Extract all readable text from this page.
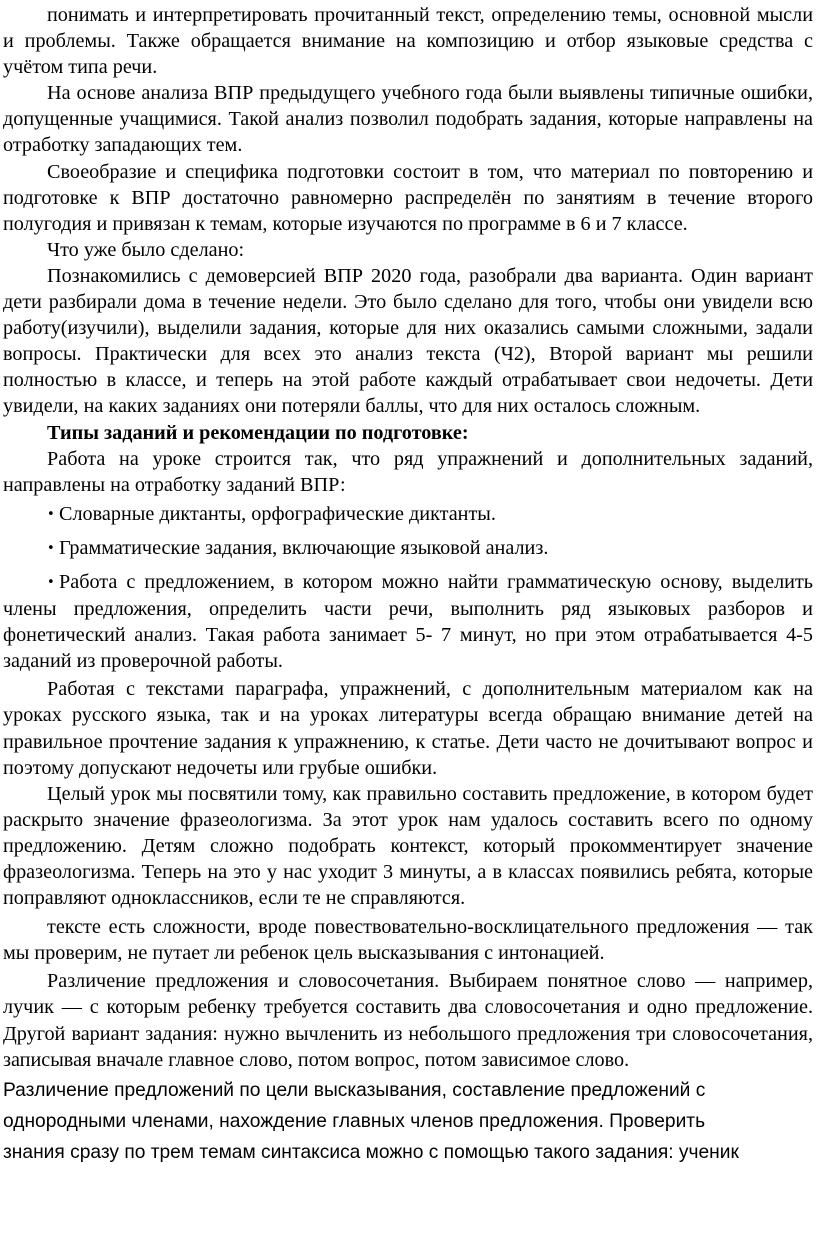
понимать и интерпретировать прочитанный текст, определению темы, основной мысли и проблемы. Также обращается внимание на композицию и отбор языковые средства с учётом типа речи.

На основе анализа ВПР предыдущего учебного года были выявлены типичные ошибки, допущенные учащимися. Такой анализ позволил подобрать задания, которые направлены на отработку западающих тем.

Своеобразие и специфика подготовки состоит в том, что материал по повторению и подготовке к ВПР достаточно равномерно распределён по занятиям в течение второго полугодия и привязан к темам, которые изучаются по программе в 6 и 7 классе.

Что уже было сделано:

Познакомились с демоверсией ВПР 2020 года, разобрали два варианта. Один вариант дети разбирали дома в течение недели. Это было сделано для того, чтобы они увидели всю работу(изучили), выделили задания, которые для них оказались самыми сложными, задали вопросы. Практически для всех это анализ текста (Ч2), Второй вариант мы решили полностью в классе, и теперь на этой работе каждый отрабатывает свои недочеты. Дети увидели, на каких заданиях они потеряли баллы, что для них осталось сложным.

Типы заданий и рекомендации по подготовке:

Работа на уроке строится так, что ряд упражнений и дополнительных заданий, направлены на отработку заданий ВПР:

• Словарные диктанты, орфографические диктанты.
• Грамматические задания, включающие языковой анализ.
• Работа с предложением, в котором можно найти грамматическую основу, выделить члены предложения, определить части речи, выполнить ряд языковых разборов и фонетический анализ. Такая работа занимает 5- 7 минут, но при этом отрабатывается 4-5 заданий из проверочной работы.

Работая с текстами параграфа, упражнений, с дополнительным материалом как на уроках русского языка, так и на уроках литературы всегда обращаю внимание детей на правильное прочтение задания к упражнению, к статье. Дети часто не дочитывают вопрос и поэтому допускают недочеты или грубые ошибки.

Целый урок мы посвятили тому, как правильно составить предложение, в котором будет раскрыто значение фразеологизма. За этот урок нам удалось составить всего по одному предложению. Детям сложно подобрать контекст, который прокомментирует значение фразеологизма. Теперь на это у нас уходит 3 минуты, а в классах появились ребята, которые поправляют одноклассников, если те не справляются.

тексте есть сложности, вроде повествовательно-восклицательного предложения — так мы проверим, не путает ли ребенок цель высказывания с интонацией.

Различение предложения и словосочетания. Выбираем понятное слово — например, лучик — с которым ребенку требуется составить два словосочетания и одно предложение. Другой вариант задания: нужно вычленить из небольшого предложения три словосочетания, записывая вначале главное слово, потом вопрос, потом зависимое слово.

Различение предложений по цели высказывания, составление предложений с

однородными членами, нахождение главных членов предложения. Проверить

знания сразу по трем темам синтаксиса можно с помощью такого задания: ученик
